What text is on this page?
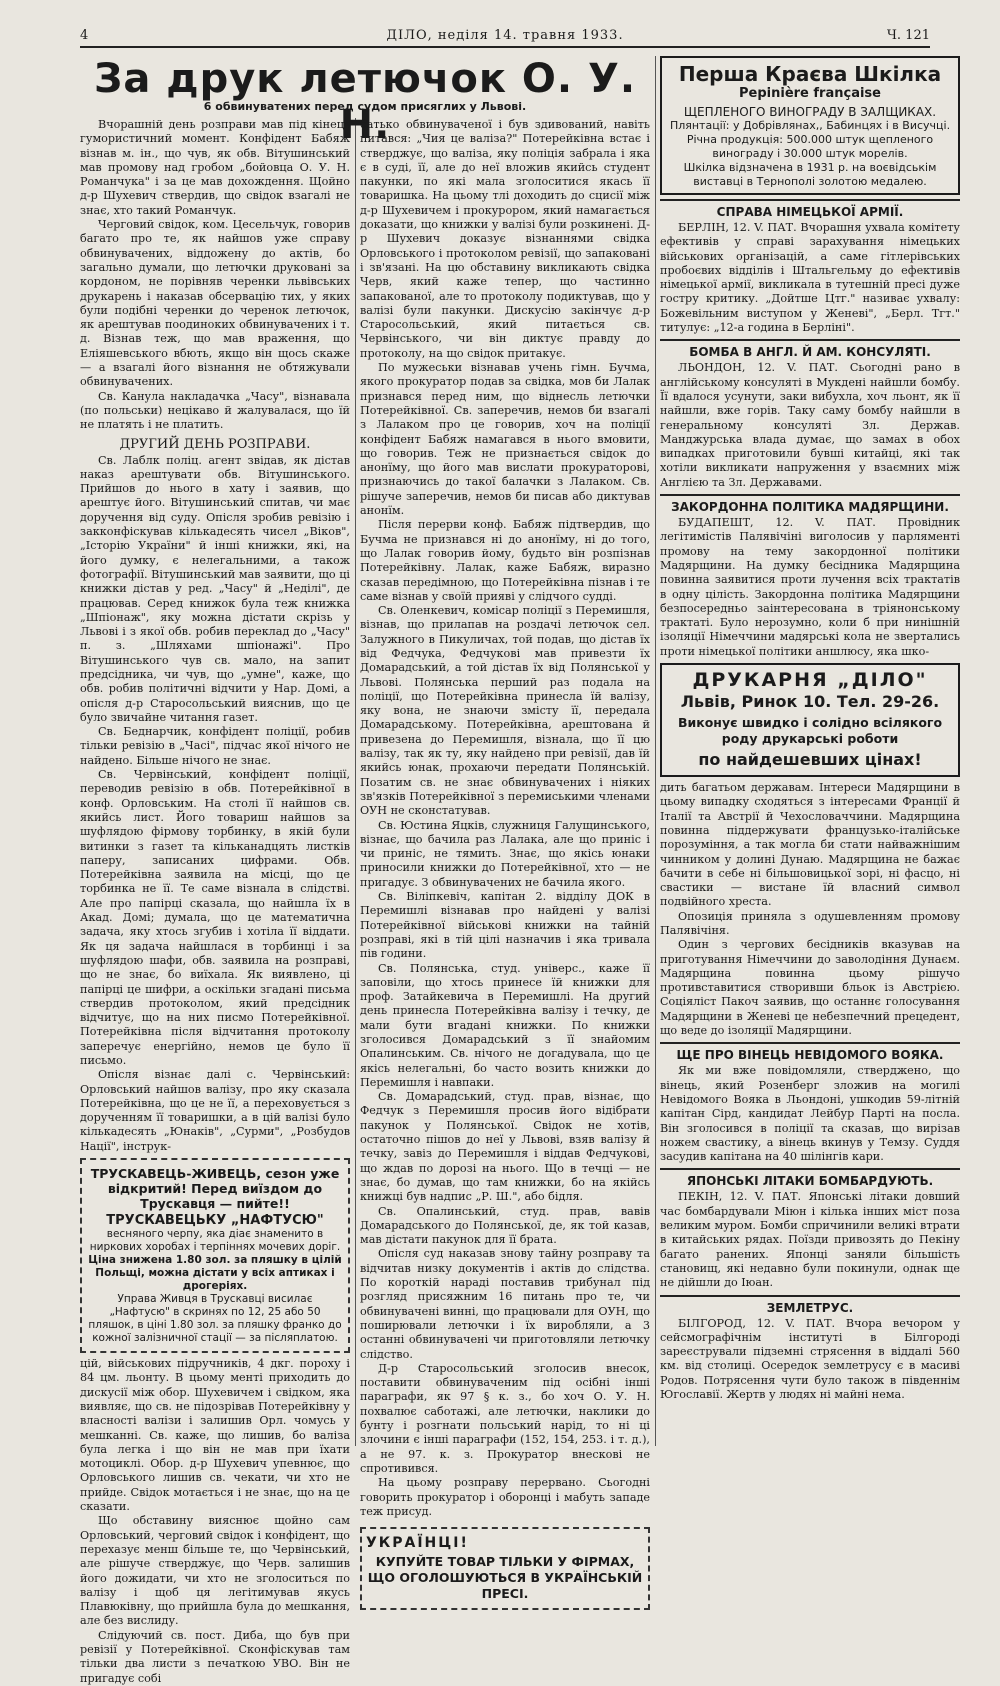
4	ДІЛО, неділя 14. травня 1933.	Ч. 121
За друк летючок О. У. Н.
6 обвинуватених перед судом присяглих у Львові.

Вчорашній день розправи мав під кінець гумористичний момент. Конфідент Бабяж візнав м. ін., що чув, як обв. Вітушинський мав промову над гробом „бойовца О. У. Н. Романчука" і за це мав дохождення. Щойно д-р Шухевич ствердив, що свідок взагалі не знає, хто такий Романчук.

Черговий свідок, ком. Цесельчук, говорив багато про те, як найшов уже справу обвинувачених, віддожену до актів, бо загально думали, що летючки друковані за кордоном, не порівняв черенки львівських друкарень і наказав обсервацію тих, у яких були подібні черенки до черенок летючок, як арештував поодиноких обвинувачених і т. д. Візнав теж, що мав враження, що Еліяшевського вбють, якщо він щось скаже — а взагалі його візнання не обтяжували обвинувачених.

Св. Канула накладачка „Часу", візнавала (по польськи) нецікаво й жалувалася, що їй не платять і не платить.

ДРУГИЙ ДЕНЬ РОЗПРАВИ.

Св. Лаблк поліц. агент звідав, як дістав наказ арештувати обв. Вітушинського. Прийшов до нього в хату і заявив, що арештує його. Вітушинський спитав, чи має доручення від суду. Опісля зробив ревізію і закконфіскував кількадесять чисел „Віков", „Історію України" й інші книжки, які, на його думку, є нелегальними, а також фотографії. Вітушинський мав заявити, що ці книжки дістав у ред. „Часу" й „Неділі", де працював. Серед книжок була теж книжка „Шпіонаж", яку можна дістати скрізь у Львові і з якої обв. робив переклад до „Часу" п. з. „Шляхами шпіонажі". Про Вітушинського чув св. мало, на запит предсідника, чи чув, що „умне", каже, що обв. робив політичні відчити у Нар. Домі, а опісля д-р Старосольський вияснив, що це було звичайне читання газет.

Св. Беднарчик, конфідент поліції, робив тільки ревізію в „Часі", підчас якої нічого не найдено. Більше нічого не знає.

Св. Червінський, конфідент поліції, переводив ревізію в обв. Потерейківної в конф. Орловським. На столі її найшов св. якийсь лист. Його товариш найшов за шуфлядою фірмову торбинку, в якій були витинки з газет та кільканадцять листків паперу, записаних цифрами. Обв. Потерейківна заявила на місці, що це торбинка не її. Те саме візнала в слідстві. Але про папірці сказала, що найшла їх в Акад. Домі; думала, що це математична задача, яку хтось згубив і хотіла її віддати. Як ця задача найшлася в торбинці і за шуфлядою шафи, обв. заявила на розправі, що не знає, бо виїхала. Як виявлено, ці папірці це шифри, а оскільки згадані письма ствердив протоколом, який предсідник відчитує, що на них писмо Потерейківної. Потерейківна після відчитання протоколу заперечує енергійно, немов це було її письмо.

Опісля візнає далі с. Червінський: Орловський найшов валізу, про яку сказала Потерейківна, що це не її, а переховується з дорученням її товаришки, а в цій валізі було кількадесять „Юнаків", „Сурми", „Розбудов Нації", інструк-

ТРУСКАВЕЦЬ-ЖИВЕЦЬ, сезон уже відкритий! Перед виїздом до Трускавця — пийте!!
ТРУСКАВЕЦЬКУ „НАФТУСЮ"
весняного черпу, яка діає знаменито в нирковиx хоробах і терпіннях мочевих доріг.
Ціна знижена 1.80 зол. за пляшку в цілій Польщі, можна дістати у всіх аптиках і дрогеріях.
Управа Живця в Трускавці висилає „Нафтусю" в скринях по 12, 25 або 50 пляшок, в ціні 1.80 зол. за пляшку франко до кожної залізничної стації — за післяплатою.

цій, військових підручників, 4 дкг. пороху і 84 цм. льонту. В цьому менті приходить до дискусії між обор. Шухевичем і свідком, яка виявляє, що св. не підозрівав Потерейківну у власності валізи і залишив Орл. чомусь у мешканні. Св. каже, що лишив, бо валіза була легка і що він не мав при їхати мотоциклі. Обор. д-р Шухевич упевнює, що Орловського лишив св. чекати, чи хто не прийде. Свідок мотається і не знає, що на це сказати.

Що обставину вияснює щойно сам Орловський, черговий свідок і конфідент, що перехазує менш більше те, що Червінський, але рішуче стверджує, що Черв. залишив його дожидати, чи хто не зголоситься по валізу і щоб ця легітимував якусь Плавюківну, що прийшла була до мешкання, але без вислиду.

Слідуючий св. пост. Диба, що був при ревізії у Потерейківної. Сконфіскував там тільки два листи з печаткою УВО. Він не пригадує собі

батько обвинуваченої і був здивований, навіть питався: „Чия це валіза?" Потерейківна встає і стверджує, що валіза, яку поліція забрала і яка є в суді, її, але до неї вложив якийсь студент пакунки, по які мала зголоситися якась її товаришка. На цьому тлі доходить до сцисії між д-р Шухевичем і прокурором, який намагається доказати, що книжки у валізі були розкинені. Д-р Шухевич доказує візнаннями свідка Орловського і протоколом ревізії, що запаковані і зв'язані. На цю обставину викликають свідка Черв, який каже тепер, що частинно запакованої, але то протоколу подиктував, що у валізі були пакунки. Дискусію закінчує д-р Старосольський, який питається св. Червінського, чи він диктує правду до протоколу, на що свідок притакує.

По мужеськи візнавав учень гімн. Бучма, якого прокуратор подав за свідка, мов би Лалак признався перед ним, що віднесль летючки Потерейківної. Св. заперечив, немов би взагалі з Лалаком про це говорив, хоч на поліції конфідент Бабяж намагався в нього вмовити, що говорив. Теж не признається свідок до анонїму, що його мав вислати прокураторові, признаючись до такої балачки з Лалаком. Св. рішуче заперечив, немов би писав або диктував анонїм.

Після перерви конф. Бабяж підтвердив, що Бучма не признався ні до анонїму, ні до того, що Лалак говорив йому, будьто він розпізнав Потерейківну. Лалак, каже Бабяж, виразно сказав передімною, що Потерейківна пізнав і те саме візнав у своїй прияві у слідчого судді.

Св. Оленкевич, комісар поліції з Перемишля, візнав, що прилапав на роздачі летючок сел. Залужного в Пикуличах, той подав, що дістав їх від Федчука, Федчукові мав привезти їх Домарадський, а той дістав їх від Полянської у Львові. Полянська перший раз подала на поліції, що Потерейківна принесла їй валізу, яку вона, не знаючи змісту її, передала Домарадському. Потерейківна, арештована й привезена до Перемишля, візнала, що її цю валізу, так як ту, яку найдено при ревізії, дав їй якийсь юнак, прохаючи передати Полянській. Позатим св. не знає обвинувачених і ніяких зв'язків Потерейківної з перемиськими членами ОУН не сконстатував.

Св. Юстина Яцків, служниця Галущинського, візнає, що бачила раз Лалака, але що приніс і чи приніс, не тямить. Знає, що якісь юнаки приносили книжки до Потерейківної, хто — не пригадує. З обвинувачених не бачила якого.

Св. Віліпкевіч, капітан 2. відділу ДОК в Перемишлі візнавав про найдені у валізі Потерейківної військові книжки на тайній розправі, які в тій цілі назначив і яка тривала пів години.

Св. Полянська, студ. універс., каже її заповіли, що хтось принесе їй книжки для проф. Затайкевича в Перемишлі. На другий день принесла Потерейківна валізу і течку, де мали бути вгадані книжки. По книжки зголосився Домарадський з її знайомим Опалинським. Св. нічого не догадувала, що це якісь нелегальні, бо часто возить книжки до Перемишля і навпаки.

Св. Домарадський, студ. прав, візнає, що Федчук з Перемишля просив його відібрати пакунок у Полянської. Свідок не хотів, остаточно пішов до неї у Львові, взяв валізу й течку, завіз до Перемишля і віддав Федчукові, що ждав по дорозі на нього. Що в течці — не знає, бо думав, що там книжки, бо на якійсь книжці був надпис „Р. Ш.", або бідля.

Св. Опалинський, студ. прав, вавів Домарадського до Полянської, де, як той казав, мав дістати пакунок для її брата.

Опісля суд наказав знову тайну розправу та відчитав низку документів і актів до слідства. По короткій нараді поставив трибунал під розгляд присяжним 16 питань про те, чи обвинувачені винні, що працювали для ОУН, що поширювали летючки і їх виробляли, а 3 останні обвинувачені чи приготовляли летючку слідство.

Д-р Старосольський зголосив внесок, поставити обвинуваченим під осібні інші параграфи, як 97 § к. з., бо хоч О. У. Н. похвалює саботажі, але летючки, наклики до бунту і розгнати польський нарід, то ні ці злочини є інші параграфи (152, 154, 253. і т. д.), а не 97. к. з. Прокуратор внескові не спротивився.

На цьому розправу перервано. Сьогодні говорить прокуратор і оборонці і мабуть западе теж присуд.

УКРАЇНЦІ!
КУПУЙТЕ ТОВАР ТІЛЬКИ У ФІРМАХ, ЩО ОГОЛОШУЮТЬСЯ В УКРАЇНСЬКІЙ ПРЕСІ.
Перша Краєва Шкілка
Pepinière française
ЩЕПЛЕНОГО ВИНОГРАДУ В ЗАЛЩИКАХ.
Плянтації: у Добрівлянах,, Бабинцях і в Висучці.
Річна продукція: 500.000 штук щепленого винограду і 30.000 штук морелів.
Шкілка відзначена в 1931 р. на воєвідськім виставці в Тернополі золотою медалею.
СПРАВА НІМЕЦЬКОЇ АРМІЇ.

БЕРЛІН, 12. V. ПАТ. Вчорашня ухвала комітету ефективів у справі зарахування німецьких військових організацій, а саме гітлерівських пробоєвих відділів і Штальгельму до ефективів німецької армії, викликала в тутешній пресі дуже гостру критику. „Дойтше Цтг." називає ухвалу: Божевільним виступом у Женеві", „Берл. Тгт." титулує: „12-а година в Берліні".

БОМБА В АНГЛ. Й АМ. КОНСУЛЯТІ.

ЛЬОНДОН, 12. V. ПАТ. Сьогодні рано в англійському консуляті в Мукдені найшли бомбу. Її вдалося усунути, заки вибухла, хоч льонт, як її найшли, вже горів. Таку саму бомбу найшли в генеральному консуляті Зл. Держав. Манджурська влада думає, що замах в обох випадках приготовили бувші китайці, які так хотіли викликати напруження у взаємних між Англією та Зл. Державами.

ЗАКОРДОННА ПОЛІТИКА МАДЯРЩИНИ.

БУДАПЕШТ, 12. V. ПАТ. Провідник легітимістів Палявічіні виголосив у парляменті промову на тему закордонної політики Мадярщини. На думку бесідника Мадярщина повинна заявитися проти лучення всіх трактатів в одну цілість. Закордонна політика Мадярщини безпосередньо заінтересована в тріянонському трактаті. Було нерозумно, коли б при нинішній ізоляції Німеччини мадярські кола не звертались проти німецької політики аншлюсу, яка шко-

ДРУКАРНЯ „ДІЛО"
Львів, Ринок 10. Тел. 29-26.
Виконує швидко і солідно всілякого роду друкарські роботи
по найдешевших цінах!

дить багатьом державам. Інтереси Мадярщини в цьому випадку сходяться з інтересами Франції й Італії та Австрії й Чехословаччини. Мадярщина повинна піддержувати французько-італійське порозуміння, а так могла би стати найважнішим чинником у долині Дунаю. Мадярщина не бажає бачити в себе ні більшовицької зорі, ні фасцо, ні свастики — вистане їй власний символ подвійного хреста.

Опозиція приняла з одушевленням промову Палявічіня.

Один з чергових бесідників вказував на приготування Німеччини до заволодіння Дунаєм. Мадярщина повинна цьому рішучо противставитися створивши бльок із Австрією. Соціяліст Пакоч заявив, що останнє голосування Мадярщини в Женеві це небезпечний прецедент, що веде до ізоляції Мадярщини.

ЩЕ ПРО ВІНЕЦЬ НЕВІДОМОГО ВОЯКА.

Як ми вже повідомляли, стверджено, що вінець, який Розенберг зложив на могилі Невідомого Вояка в Льондоні, ушкодив 59-літній капітан Сірд, кандидат Лейбур Парті на посла. Він зголосився в поліції та сказав, що вирізав ножем свастику, а вінець вкинув у Темзу. Суддя засудив капітана на 40 шілінгів кари.

ЯПОНСЬКІ ЛІТАКИ БОМБАРДУЮТЬ.

ПЕКІН, 12. V. ПАТ. Японські літаки довший час бомбардували Міюн і кілька інших міст поза великим муром. Бомби спричинили великі втрати в китайських рядах. Поїзди привозять до Пекіну багато ранених. Японці заняли більшість становищ, які недавно були покинули, однак ще не дійшли до Іюан.

ЗЕМЛЕТРУС.

БІЛГОРОД, 12. V. ПАТ. Вчора вечором у сейсмографічнім інституті в Білгороді зареєстрували підземні стрясення в віддалі 560 км. від столиці. Осередок землетрусу є в масиві Родов. Потрясення чути було також в південнім Югославії. Жертв у людях ні майні нема.
